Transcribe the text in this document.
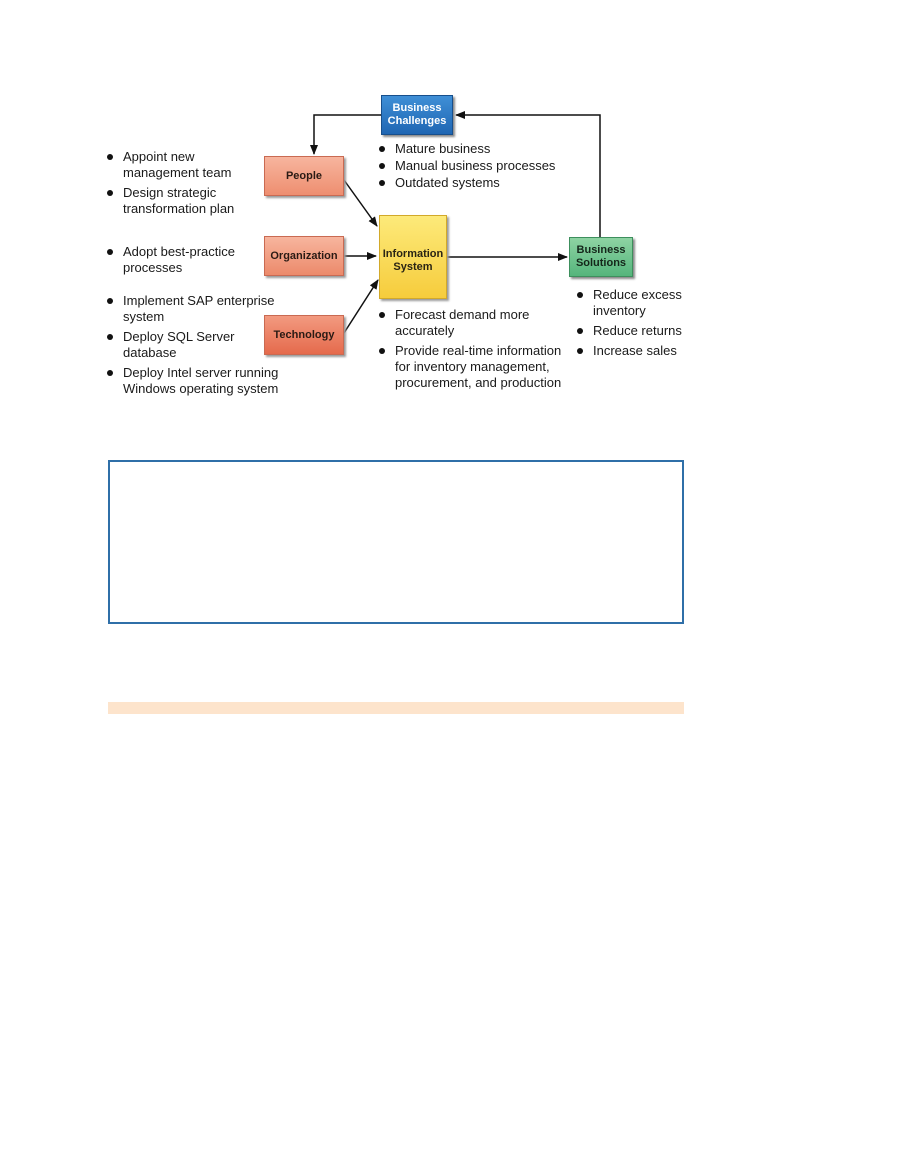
Business
Challenges
Mature business
Manual business processes
Outdated systems
People
Appoint new management team
Design strategic transformation plan
Organization
Adopt best-practice processes
Technology
Implement SAP enterprise system
Deploy SQL Server database
Deploy Intel server running Windows operating system
Information
System
Forecast demand more accurately
Provide real-time information for inventory management, procurement, and production
Business
Solutions
Reduce excess inventory
Reduce returns
Increase sales
